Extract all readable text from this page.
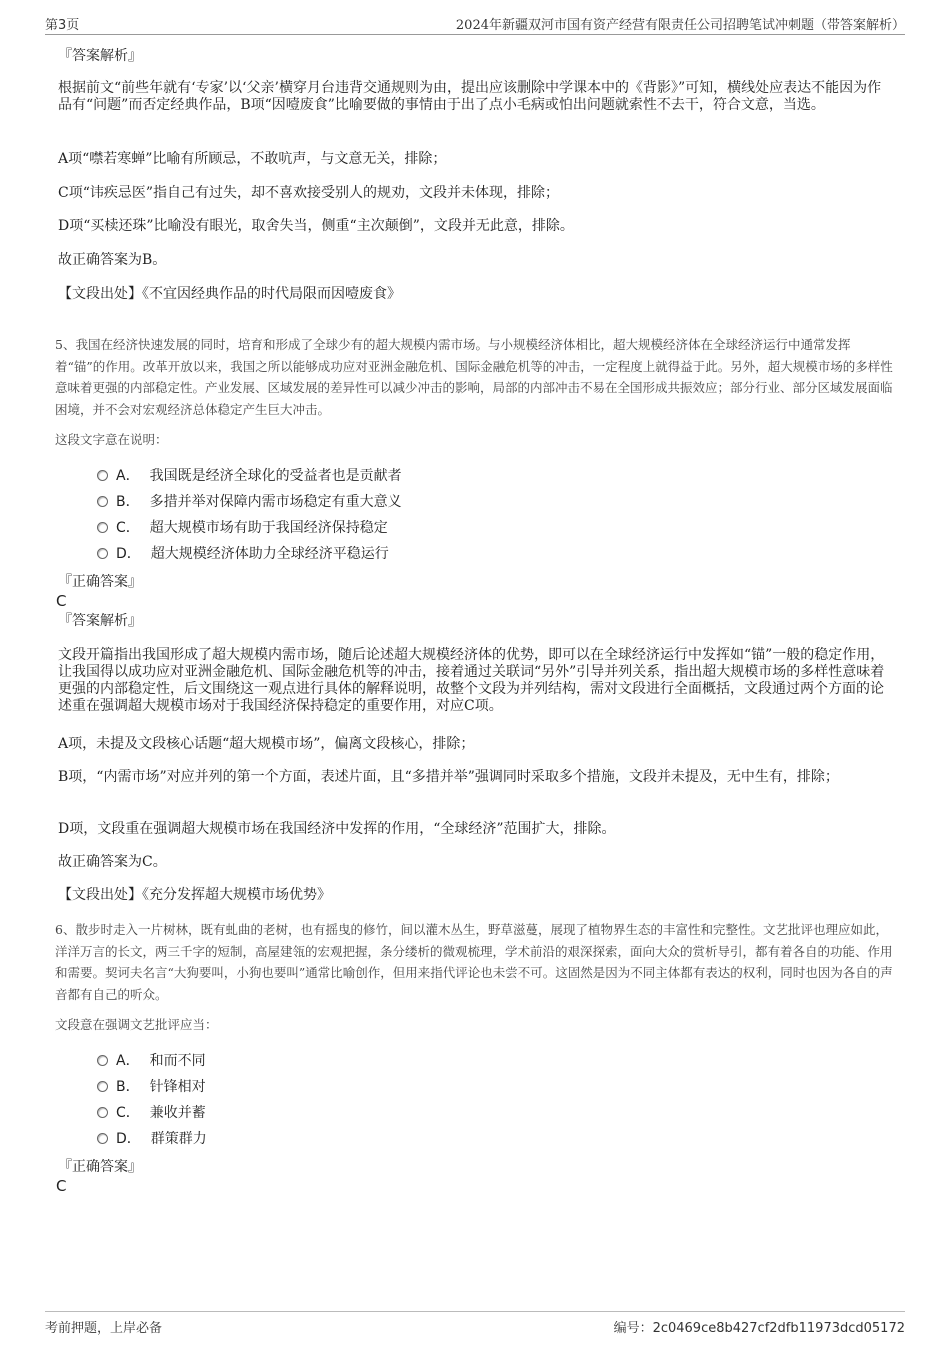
第3页	2024年新疆双河市国有资产经营有限责任公司招聘笔试冲刺题（带答案解析）
『答案解析』
根据前文“前些年就有‘专家’以‘父亲’横穿月台违背交通规则为由，提出应该删除中学课本中的《背影》”可知，横线处应表达不能因为作品有“问题”而否定经典作品，B项“因噎废食”比喻要做的事情由于出了点小毛病或怕出问题就索性不去干，符合文意，当选。
A项“噤若寒蝉”比喻有所顾忌，不敢吭声，与文意无关，排除；
C项“讳疾忌医”指自己有过失，却不喜欢接受别人的规劝，文段并未体现，排除；
D项“买椟还珠”比喻没有眼光，取舍失当，侧重“主次颠倒”，文段并无此意，排除。
故正确答案为B。
【文段出处】《不宜因经典作品的时代局限而因噎废食》
5、我国在经济快速发展的同时，培育和形成了全球少有的超大规模内需市场。与小规模经济体相比，超大规模经济体在全球经济运行中通常发挥着“锚”的作用。改革开放以来，我国之所以能够成功应对亚洲金融危机、国际金融危机等的冲击，一定程度上就得益于此。另外，超大规模市场的多样性意味着更强的内部稳定性。产业发展、区域发展的差异性可以减少冲击的影响，局部的内部冲击不易在全国形成共振效应；部分行业、部分区域发展面临困境，并不会对宏观经济总体稳定产生巨大冲击。
这段文字意在说明：
A． 我国既是经济全球化的受益者也是贡献者
B． 多措并举对保障内需市场稳定有重大意义
C． 超大规模市场有助于我国经济保持稳定
D． 超大规模经济体助力全球经济平稳运行
『正确答案』
C
『答案解析』
文段开篇指出我国形成了超大规模内需市场，随后论述超大规模经济体的优势，即可以在全球经济运行中发挥如“锚”一般的稳定作用，让我国得以成功应对亚洲金融危机、国际金融危机等的冲击，接着通过关联词“另外”引导并列关系，指出超大规模市场的多样性意味着更强的内部稳定性，后文围绕这一观点进行具体的解释说明，故整个文段为并列结构，需对文段进行全面概括，文段通过两个方面的论述重在强调超大规模市场对于我国经济保持稳定的重要作用，对应C项。
A项，未提及文段核心话题“超大规模市场”，偏离文段核心，排除；
B项，“内需市场”对应并列的第一个方面，表述片面，且“多措并举”强调同时采取多个措施，文段并未提及，无中生有，排除；
D项，文段重在强调超大规模市场在我国经济中发挥的作用，“全球经济”范围扩大，排除。
故正确答案为C。
【文段出处】《充分发挥超大规模市场优势》
6、散步时走入一片树林，既有虬曲的老树，也有摇曳的修竹，间以灌木丛生，野草滋蔓，展现了植物界生态的丰富性和完整性。文艺批评也理应如此，洋洋万言的长文，两三千字的短制，高屋建瓴的宏观把握，条分缕析的微观梳理，学术前沿的艰深探索，面向大众的赏析导引，都有着各自的功能、作用和需要。契诃夫名言“大狗要叫，小狗也要叫”通常比喻创作，但用来指代评论也未尝不可。这固然是因为不同主体都有表达的权利，同时也因为各自的声音都有自己的听众。
文段意在强调文艺批评应当：
A． 和而不同
B． 针锋相对
C． 兼收并蓄
D． 群策群力
『正确答案』
C
考前押题，上岸必备	编号：2c0469ce8b427cf2dfb11973dcd05172
